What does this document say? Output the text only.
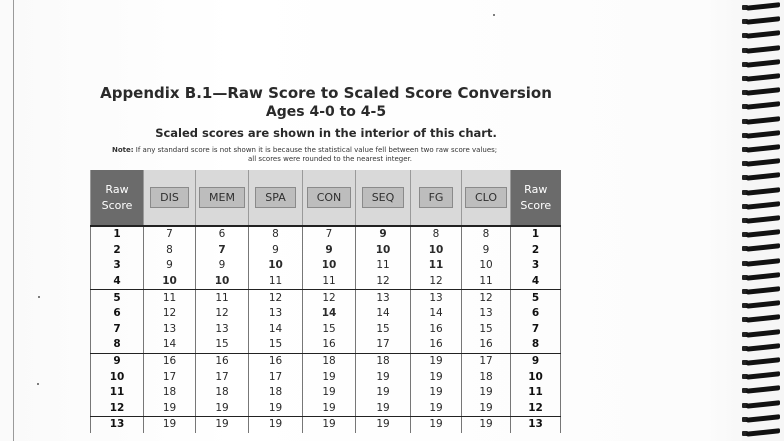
Appendix B.1—Raw Score to Scaled Score Conversion
Ages 4-0 to 4-5
Scaled scores are shown in the interior of this chart.
Note: If any standard score is not shown it is because the statistical value fell between two raw score values;
all scores were rounded to the nearest integer.
Raw
Score	DIS	MEM	SPA	CON	SEQ	FG	CLO	Raw
Score
1	7	6	8	7	9	8	8	1
2	8	7	9	9	10	10	9	2
3	9	9	10	10	11	11	10	3
4	10	10	11	11	12	12	11	4
5	11	11	12	12	13	13	12	5
6	12	12	13	14	14	14	13	6
7	13	13	14	15	15	16	15	7
8	14	15	15	16	17	16	16	8
9	16	16	16	18	18	19	17	9
10	17	17	17	19	19	19	18	10
11	18	18	18	19	19	19	19	11
12	19	19	19	19	19	19	19	12
13	19	19	19	19	19	19	19	13
